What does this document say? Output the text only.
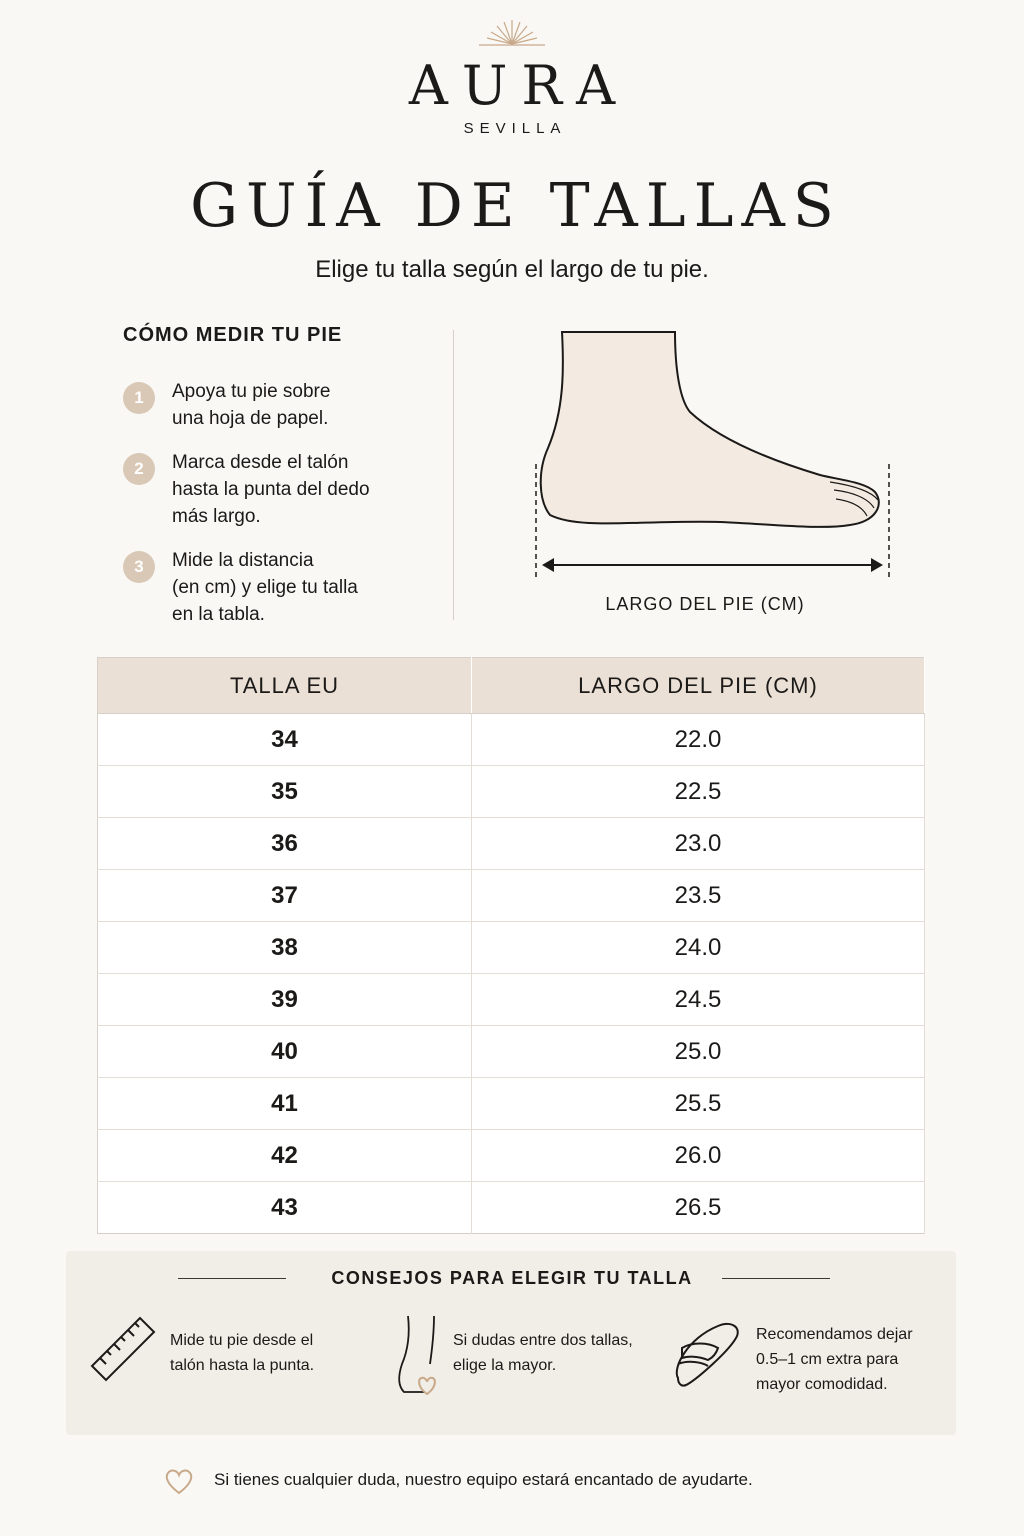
AURA
SEVILLA
GUÍA DE TALLAS
Elige tu talla según el largo de tu pie.
CÓMO MEDIR TU PIE
1	Apoya tu pie sobre
una hoja de papel.
2	Marca desde el talón
hasta la punta del dedo
más largo.
3	Mide la distancia
(en cm) y elige tu talla
en la tabla.	LARGO DEL PIE (CM)
TALLA EU	LARGO DEL PIE (CM)
34	22.0
35	22.5
36	23.0
37	23.5
38	24.0
39	24.5
40	25.0
41	25.5
42	26.0
43	26.5
CONSEJOS PARA ELEGIR TU TALLA
Mide tu pie desde el
talón hasta la punta.
Si dudas entre dos tallas,
elige la mayor.
Recomendamos dejar
0.5–1 cm extra para
mayor comodidad.
Si tienes cualquier duda, nuestro equipo estará encantado de ayudarte.
